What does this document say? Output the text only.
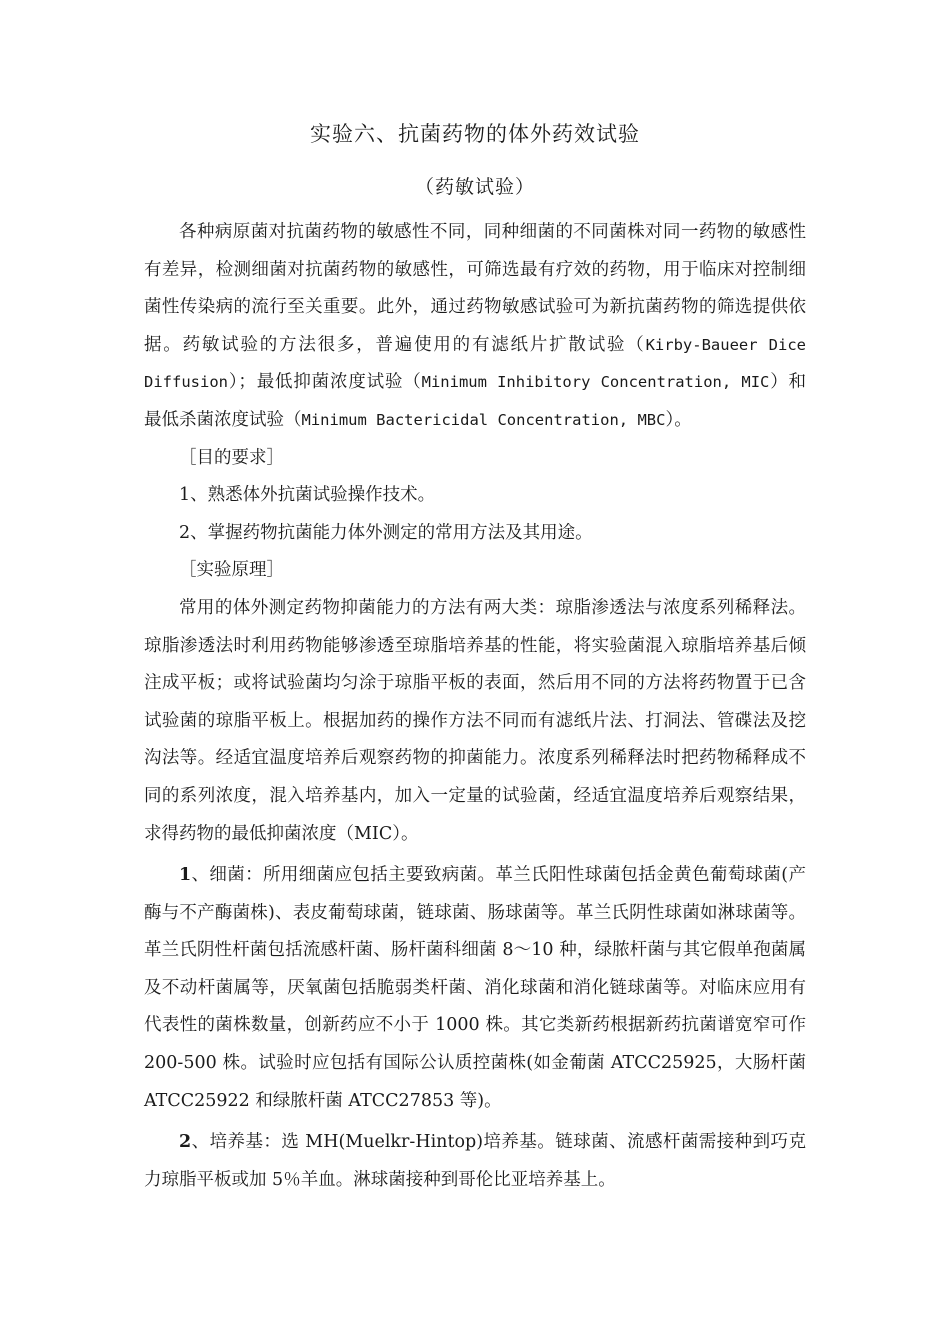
实验六、抗菌药物的体外药效试验
（药敏试验）

各种病原菌对抗菌药物的敏感性不同，同种细菌的不同菌株对同一药物的敏感性有差异，检测细菌对抗菌药物的敏感性，可筛选最有疗效的药物，用于临床对控制细菌性传染病的流行至关重要。此外，通过药物敏感试验可为新抗菌药物的筛选提供依据。药敏试验的方法很多，普遍使用的有滤纸片扩散试验（Kirby-Baueer Dice Diffusion）；最低抑菌浓度试验（Minimum Inhibitory Concentration, MIC）和最低杀菌浓度试验（Minimum Bactericidal Concentration, MBC）。

［目的要求］

1、熟悉体外抗菌试验操作技术。

2、掌握药物抗菌能力体外测定的常用方法及其用途。

［实验原理］

常用的体外测定药物抑菌能力的方法有两大类：琼脂渗透法与浓度系列稀释法。琼脂渗透法时利用药物能够渗透至琼脂培养基的性能，将实验菌混入琼脂培养基后倾注成平板；或将试验菌均匀涂于琼脂平板的表面，然后用不同的方法将药物置于已含试验菌的琼脂平板上。根据加药的操作方法不同而有滤纸片法、打洞法、管碟法及挖沟法等。经适宜温度培养后观察药物的抑菌能力。浓度系列稀释法时把药物稀释成不同的系列浓度，混入培养基内，加入一定量的试验菌，经适宜温度培养后观察结果，求得药物的最低抑菌浓度（MIC）。

1、细菌：所用细菌应包括主要致病菌。革兰氏阳性球菌包括金黄色葡萄球菌(产酶与不产酶菌株)、表皮葡萄球菌，链球菌、肠球菌等。革兰氏阴性球菌如淋球菌等。革兰氏阴性杆菌包括流感杆菌、肠杆菌科细菌 8～10 种，绿脓杆菌与其它假单孢菌属及不动杆菌属等，厌氧菌包括脆弱类杆菌、消化球菌和消化链球菌等。对临床应用有代表性的菌株数量，创新药应不小于 1000 株。其它类新药根据新药抗菌谱宽窄可作 200-500 株。试验时应包括有国际公认质控菌株(如金葡菌 ATCC25925，大肠杆菌 ATCC25922 和绿脓杆菌 ATCC27853 等)。

2、培养基：选 MH(Muelkr-Hintop)培养基。链球菌、流感杆菌需接种到巧克力琼脂平板或加 5％羊血。淋球菌接种到哥伦比亚培养基上。
